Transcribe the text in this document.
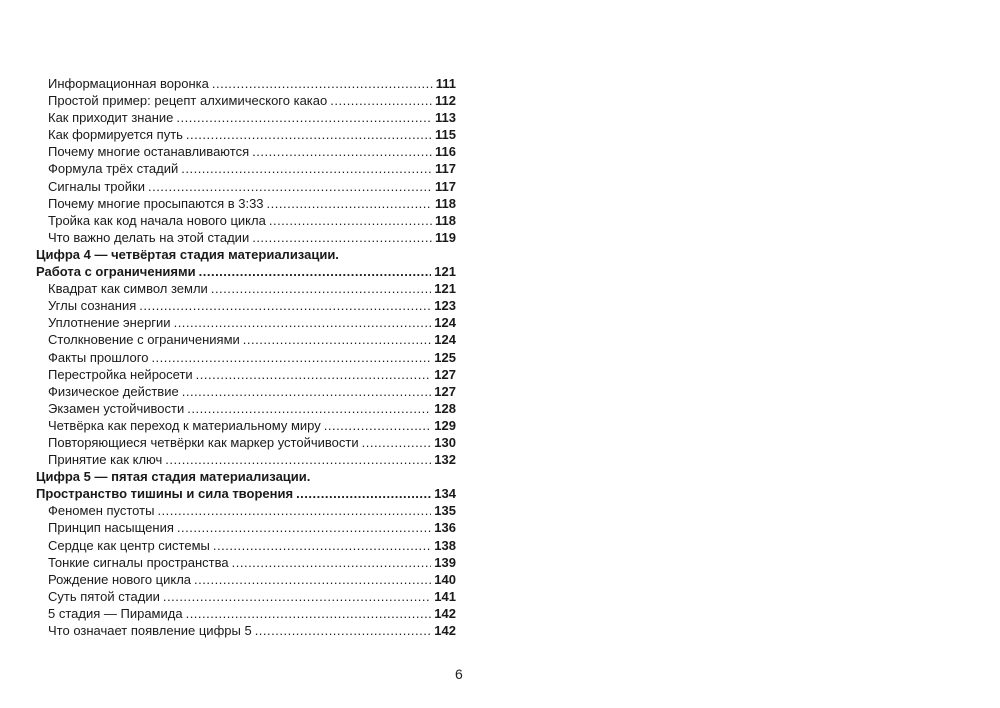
Информационная воронка .....	111
Простой пример: рецепт алхимического какао .....	112
Как приходит знание .....	113
Как формируется путь .....	115
Почему многие останавливаются .....	116
Формула трёх стадий .....	117
Сигналы тройки .....	117
Почему многие просыпаются в 3:33 .....	118
Тройка как код начала нового цикла .....	118
Что важно делать на этой стадии .....	119
Цифра 4 — четвёртая стадия материализации.
Работа с ограничениями .....	121
Квадрат как символ земли .....	121
Углы сознания .....	123
Уплотнение энергии .....	124
Столкновение с ограничениями .....	124
Факты прошлого .....	125
Перестройка нейросети .....	127
Физическое действие .....	127
Экзамен устойчивости .....	128
Четвёрка как переход к материальному миру .....	129
Повторяющиеся четвёрки как маркер устойчивости .....	130
Принятие как ключ .....	132
Цифра 5 — пятая стадия материализации.
Пространство тишины и сила творения .....	134
Феномен пустоты .....	135
Принцип насыщения .....	136
Сердце как центр системы .....	138
Тонкие сигналы пространства .....	139
Рождение нового цикла .....	140
Суть пятой стадии .....	141
5 стадия — Пирамида .....	142
Что означает появление цифры 5 .....	142
6
